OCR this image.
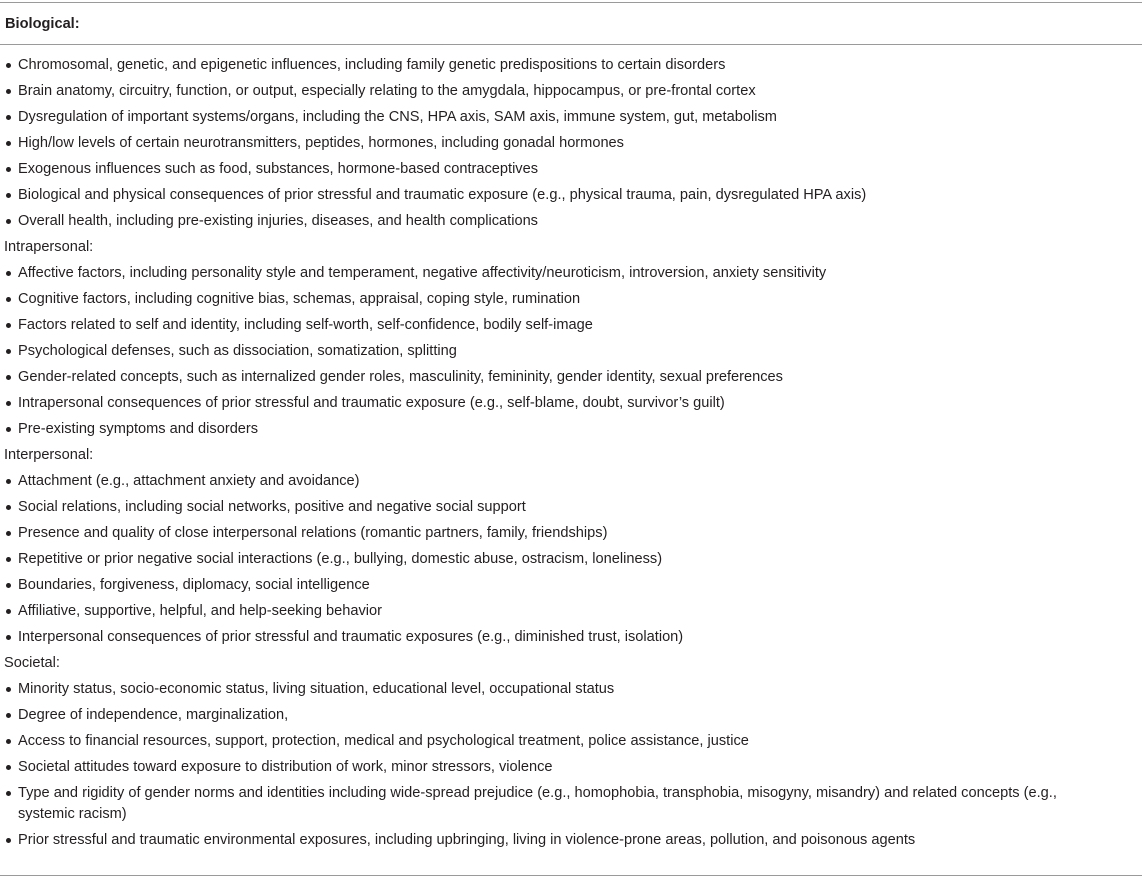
Biological:
Chromosomal, genetic, and epigenetic influences, including family genetic predispositions to certain disorders
Brain anatomy, circuitry, function, or output, especially relating to the amygdala, hippocampus, or pre-frontal cortex
Dysregulation of important systems/organs, including the CNS, HPA axis, SAM axis, immune system, gut, metabolism
High/low levels of certain neurotransmitters, peptides, hormones, including gonadal hormones
Exogenous influences such as food, substances, hormone-based contraceptives
Biological and physical consequences of prior stressful and traumatic exposure (e.g., physical trauma, pain, dysregulated HPA axis)
Overall health, including pre-existing injuries, diseases, and health complications
Intrapersonal:
Affective factors, including personality style and temperament, negative affectivity/neuroticism, introversion, anxiety sensitivity
Cognitive factors, including cognitive bias, schemas, appraisal, coping style, rumination
Factors related to self and identity, including self-worth, self-confidence, bodily self-image
Psychological defenses, such as dissociation, somatization, splitting
Gender-related concepts, such as internalized gender roles, masculinity, femininity, gender identity, sexual preferences
Intrapersonal consequences of prior stressful and traumatic exposure (e.g., self-blame, doubt, survivor’s guilt)
Pre-existing symptoms and disorders
Interpersonal:
Attachment (e.g., attachment anxiety and avoidance)
Social relations, including social networks, positive and negative social support
Presence and quality of close interpersonal relations (romantic partners, family, friendships)
Repetitive or prior negative social interactions (e.g., bullying, domestic abuse, ostracism, loneliness)
Boundaries, forgiveness, diplomacy, social intelligence
Affiliative, supportive, helpful, and help-seeking behavior
Interpersonal consequences of prior stressful and traumatic exposures (e.g., diminished trust, isolation)
Societal:
Minority status, socio-economic status, living situation, educational level, occupational status
Degree of independence, marginalization,
Access to financial resources, support, protection, medical and psychological treatment, police assistance, justice
Societal attitudes toward exposure to distribution of work, minor stressors, violence
Type and rigidity of gender norms and identities including wide-spread prejudice (e.g., homophobia, transphobia, misogyny, misandry) and related concepts (e.g., systemic racism)
Prior stressful and traumatic environmental exposures, including upbringing, living in violence-prone areas, pollution, and poisonous agents
